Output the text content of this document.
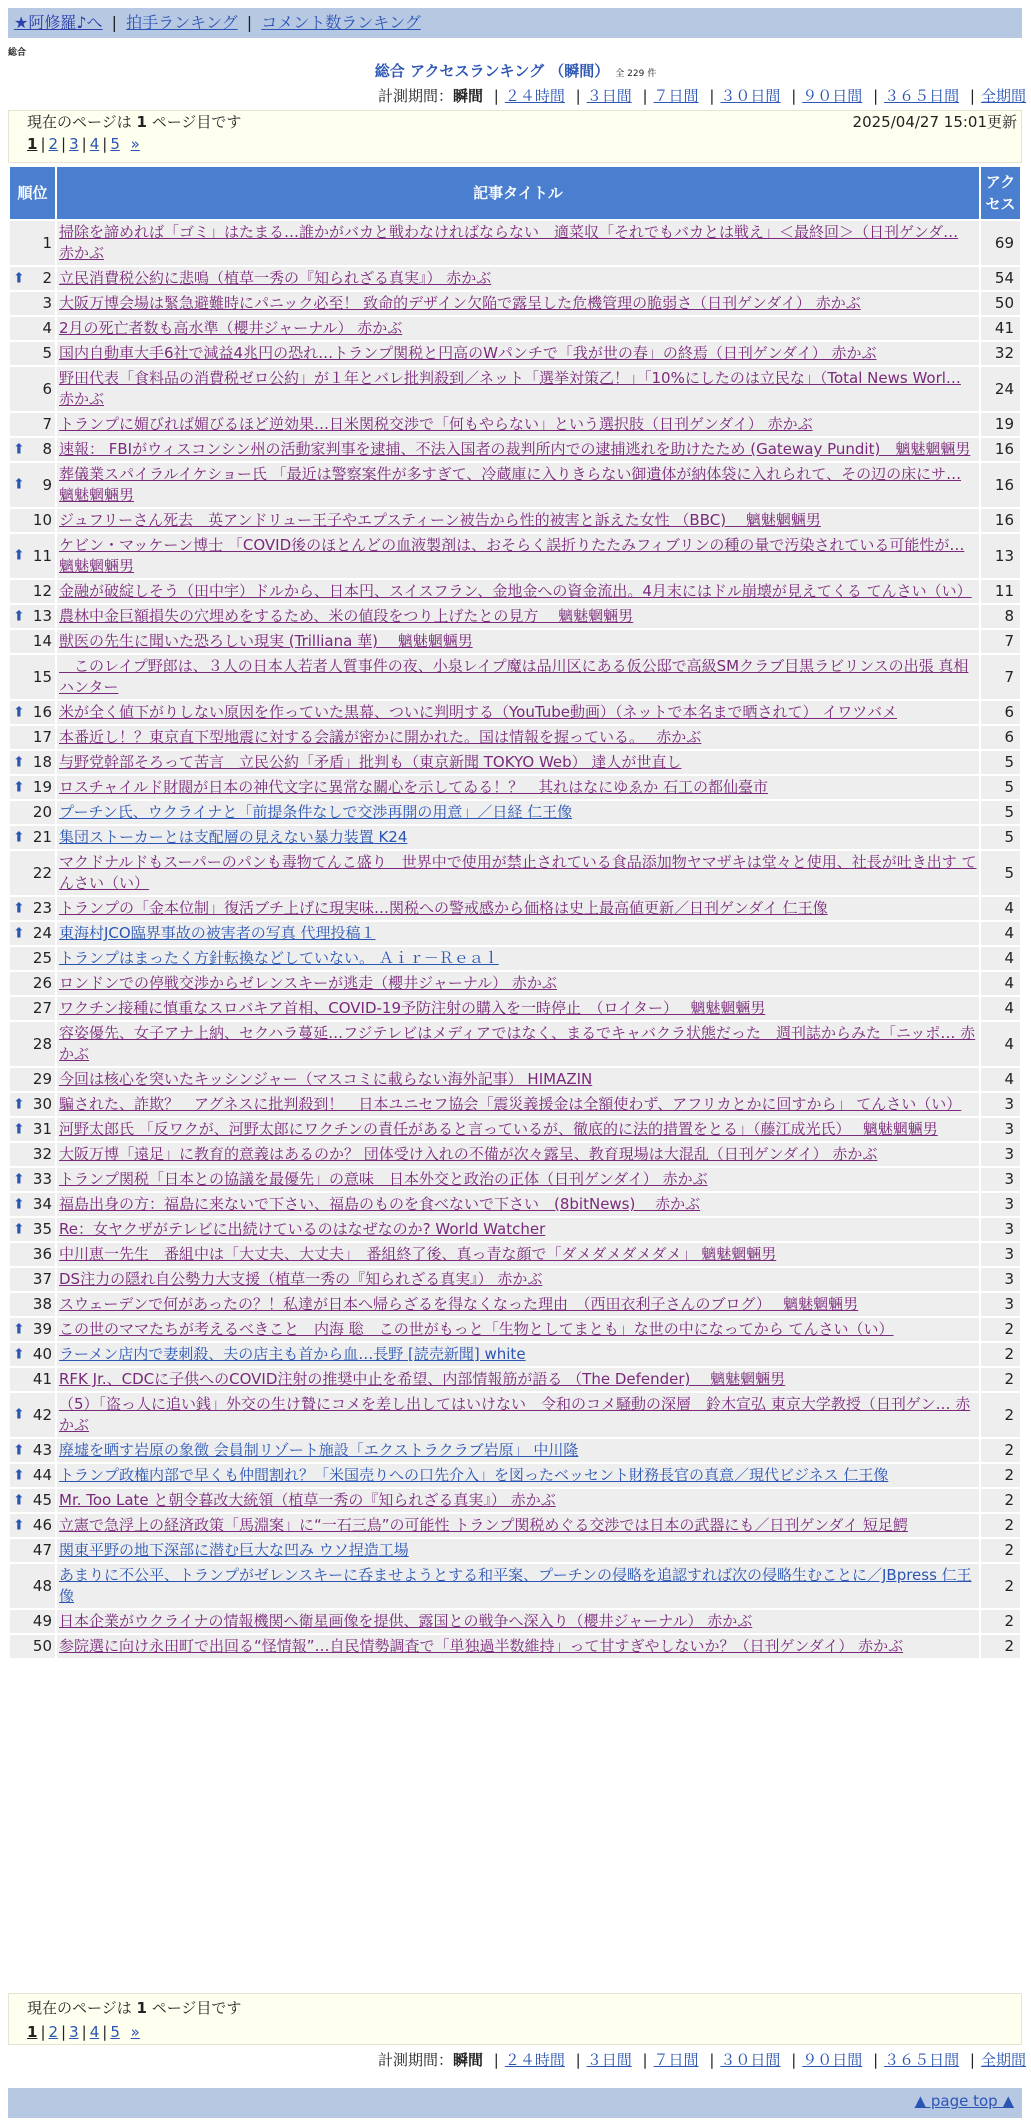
★阿修羅♪へ | 拍手ランキング | コメント数ランキング
総合
総合 アクセスランキング （瞬間） 全 229 件
計測期間：瞬間 | ２４時間 | ３日間 | ７日間 | ３０日間 | ９０日間 | ３６５日間 | 全期間
現在のページは 1 ページ目です	2025/04/27 15:01更新
1 | 2 | 3 | 4 | 5 »
順位	記事タイトル	アクセス
1	掃除を諦めれば「ゴミ」はたまる…誰かがバカと戦わなければならない　適菜収「それでもバカとは戦え」＜最終回＞（日刊ゲンダ… 赤かぶ	69

⬆ 2	立民消費税公約に悲鳴（植草一秀の『知られざる真実』） 赤かぶ	54
3	大阪万博会場は緊急避難時にパニック必至！ 致命的デザイン欠陥で露呈した危機管理の脆弱さ（日刊ゲンダイ） 赤かぶ	50
4	2月の死亡者数も高水準（櫻井ジャーナル） 赤かぶ	41
5	国内自動車大手6社で減益4兆円の恐れ…トランプ関税と円高のWパンチで「我が世の春」の終焉（日刊ゲンダイ） 赤かぶ	32
6	野田代表「食料品の消費税ゼロ公約」が１年とバレ批判殺到／ネット「選挙対策乙！」「10%にしたのは立民な」（Total News Worl… 赤かぶ	24
7	トランプに媚びれば媚びるほど逆効果…日米関税交渉で「何もやらない」という選択肢（日刊ゲンダイ） 赤かぶ	19

⬆ 8	速報： FBIがウィスコンシン州の活動家判事を逮捕、不法入国者の裁判所内での逮捕逃れを助けたため (Gateway Pundit)　魑魅魍魎男	16

⬆ 9	葬儀業スパイラルイケショー氏 「最近は警察案件が多すぎて、冷蔵庫に入りきらない御遺体が納体袋に入れられて、その辺の床にサ… 魑魅魍魎男	16
10	ジュフリーさん死去　英アンドリュー王子やエプスティーン被告から性的被害と訴えた女性 （BBC)　 魑魅魍魎男	16

⬆ 11	ケビン・マッケーン博士 「COVID後のほとんどの血液製剤は、おそらく誤折りたたみフィブリンの種の量で汚染されている可能性が… 魑魅魍魎男	13
12	金融が破綻しそう（田中宇）ドルから、日本円、スイスフラン、金地金への資金流出。4月末にはドル崩壊が見えてくる てんさい（い）	11

⬆ 13	農林中金巨額損失の穴埋めをするため、米の値段をつり上げたとの見方　 魑魅魍魎男	8
14	獣医の先生に聞いた恐ろしい現実 (Trilliana 華)　 魑魅魍魎男	7
15	　このレイプ野郎は、３人の日本人若者人質事件の夜、小泉レイプ魔は品川区にある仮公邸で高級SMクラブ目黒ラビリンスの出張 真相ハンター	7

⬆ 16	米が全く値下がりしない原因を作っていた黒幕、ついに判明する（YouTube動画）（ネットで本名まで晒されて） イワツバメ	6
17	本番近し！？東京直下型地震に対する会議が密かに開かれた。国は情報を握っている。　 赤かぶ	6

⬆ 18	与野党幹部そろって苦言　立民公約「矛盾」批判も（東京新聞 TOKYO Web） 達人が世直し	5

⬆ 19	ロスチャイルド財閥が日本の神代文字に異常な關心を示してゐる！？　其れはなにゆゑか 石工の都仙臺市	5
20	プーチン氏、ウクライナと「前提条件なしで交渉再開の用意」／日経 仁王像	5

⬆ 21	集団ストーカーとは支配層の見えない暴力装置 K24	5
22	マクドナルドもスーパーのパンも毒物てんこ盛り　世界中で使用が禁止されている食品添加物ヤマザキは堂々と使用、社長が吐き出す てんさい（い）	5

⬆ 23	トランプの「金本位制」復活ブチ上げに現実味…関税への警戒感から価格は史上最高値更新／日刊ゲンダイ 仁王像	4

⬆ 24	東海村JCO臨界事故の被害者の写真 代理投稿１	4
25	トランプはまったく方針転換などしていない。 Ａｉｒ－Ｒｅａｌ	4
26	ロンドンでの停戦交渉からゼレンスキーが逃走（櫻井ジャーナル） 赤かぶ	4
27	ワクチン接種に慎重なスロバキア首相、COVID-19予防注射の購入を一時停止　（ロイター）　 魑魅魍魎男	4
28	容姿優先、女子アナ上納、セクハラ蔓延…フジテレビはメディアではなく、まるでキャバクラ状態だった　週刊誌からみた「ニッポ… 赤かぶ	4
29	今回は核心を突いたキッシンジャー（マスコミに載らない海外記事） HIMAZIN	4

⬆ 30	騙された、詐欺？　アグネスに批判殺到！　日本ユニセフ協会「震災義援金は全額使わず、アフリカとかに回すから」 てんさい（い）	3

⬆ 31	河野太郎氏 「反ワクが、河野太郎にワクチンの責任があると言っているが、徹底的に法的措置をとる」（藤江成光氏）　 魑魅魍魎男	3
32	大阪万博「遠足」に教育的意義はあるのか？ 団体受け入れの不備が次々露呈、教育現場は大混乱（日刊ゲンダイ） 赤かぶ	3

⬆ 33	トランプ関税「日本との協議を最優先」の意味　日本外交と政治の正体（日刊ゲンダイ） 赤かぶ	3

⬆ 34	福島出身の方：福島に来ないで下さい、福島のものを食べないで下さい　(8bitNews)　 赤かぶ	3

⬆ 35	Re：女ヤクザがテレビに出続けているのはなぜなのか? World Watcher	3
36	中川恵一先生　番組中は「大丈夫、大丈夫」　番組終了後、真っ青な顔で「ダメダメダメダメ」 魑魅魍魎男	3
37	DS注力の隠れ自公勢力大支援（植草一秀の『知られざる真実』） 赤かぶ	3
38	スウェーデンで何があったの？！私達が日本へ帰らざるを得なくなった理由　（西田衣利子さんのブログ）　 魑魅魍魎男	3

⬆ 39	この世のママたちが考えるべきこと　内海 聡　この世がもっと「生物としてまとも」な世の中になってから てんさい（い）	2

⬆ 40	ラーメン店内で妻刺殺、夫の店主も首から血…長野 [読売新聞] white	2
41	RFK Jr.、CDCに子供へのCOVID注射の推奨中止を希望、内部情報筋が語る （The Defender)　 魑魅魍魎男	2

⬆ 42	（5）「盗っ人に追い銭」外交の生け贄にコメを差し出してはいけない　令和のコメ騒動の深層　鈴木宣弘 東京大学教授（日刊ゲン… 赤かぶ	2

⬆ 43	廃墟を晒す岩原の象徴 会員制リゾート施設「エクストラクラブ岩原」 中川隆	2

⬆ 44	トランプ政権内部で早くも仲間割れ？「米国売りへの口先介入」を図ったベッセント財務長官の真意／現代ビジネス 仁王像	2

⬆ 45	Mr. Too Late と朝令暮改大統領（植草一秀の『知られざる真実』） 赤かぶ	2

⬆ 46	立憲で急浮上の経済政策「馬淵案」に“一石三鳥”の可能性 トランプ関税めぐる交渉では日本の武器にも／日刊ゲンダイ 短足鰐	2
47	関東平野の地下深部に潜む巨大な凹み ウソ捏造工場	2
48	あまりに不公平、トランプがゼレンスキーに呑ませようとする和平案、プーチンの侵略を追認すれば次の侵略生むことに／JBpress 仁王像	2
49	日本企業がウクライナの情報機関へ衛星画像を提供、露国との戦争へ深入り（櫻井ジャーナル） 赤かぶ	2
50	参院選に向け永田町で出回る“怪情報”…自民情勢調査で「単独過半数維持」って甘すぎやしないか？（日刊ゲンダイ） 赤かぶ	2
現在のページは 1 ページ目です
1 | 2 | 3 | 4 | 5 »
計測期間：瞬間 | ２４時間 | ３日間 | ７日間 | ３０日間 | ９０日間 | ３６５日間 | 全期間
▲ page top ▲
